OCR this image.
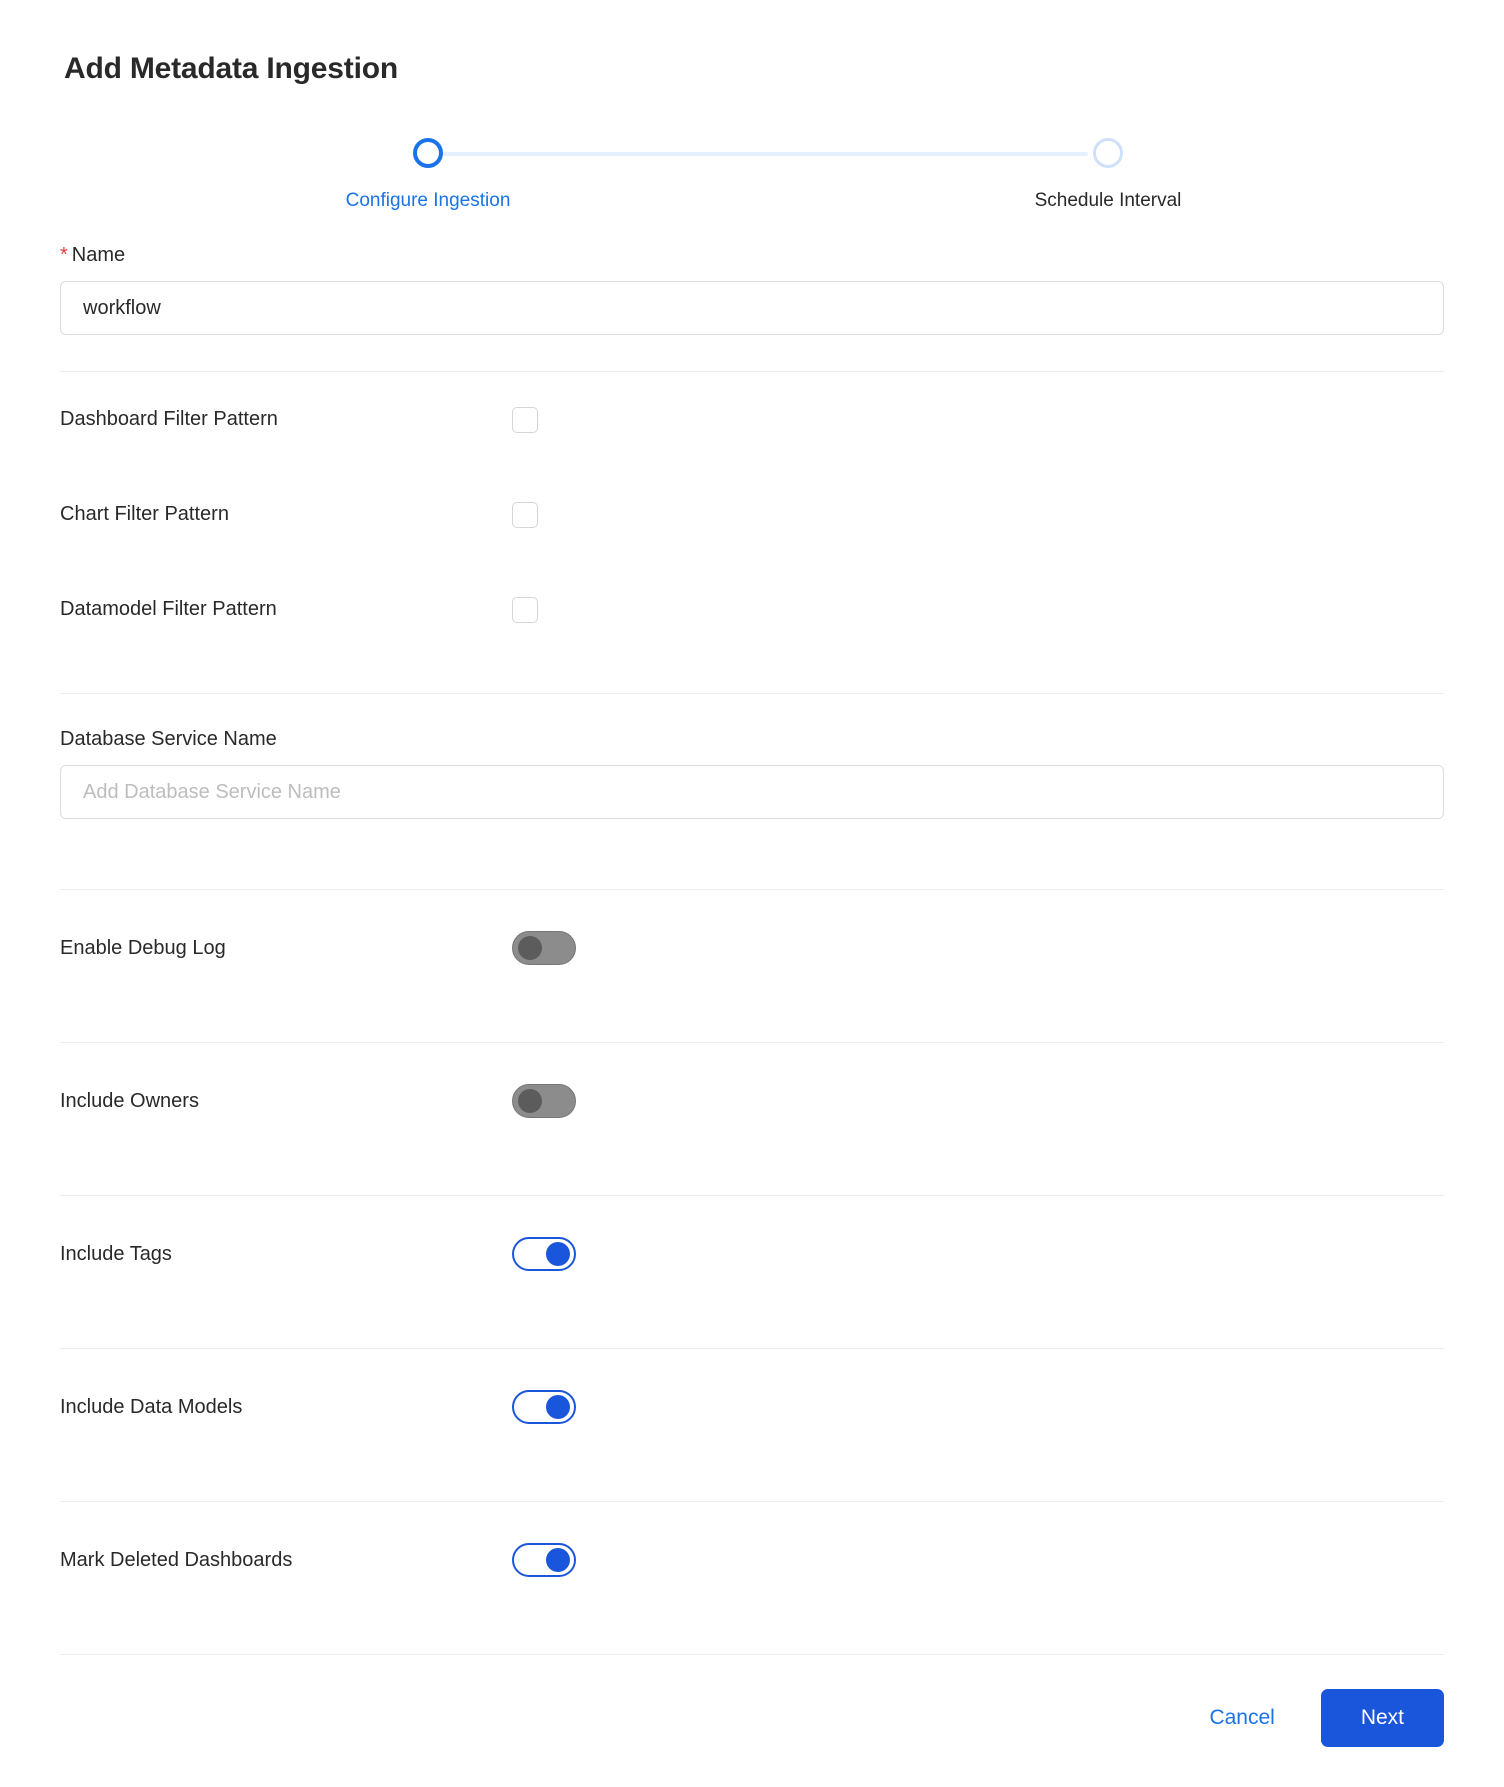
Add Metadata Ingestion
Configure Ingestion	Schedule Interval
* Name
workflow
Dashboard Filter Pattern
Chart Filter Pattern
Datamodel Filter Pattern
Database Service Name
Add Database Service Name
Enable Debug Log
Include Owners
Include Tags
Include Data Models
Mark Deleted Dashboards
Cancel	Next
